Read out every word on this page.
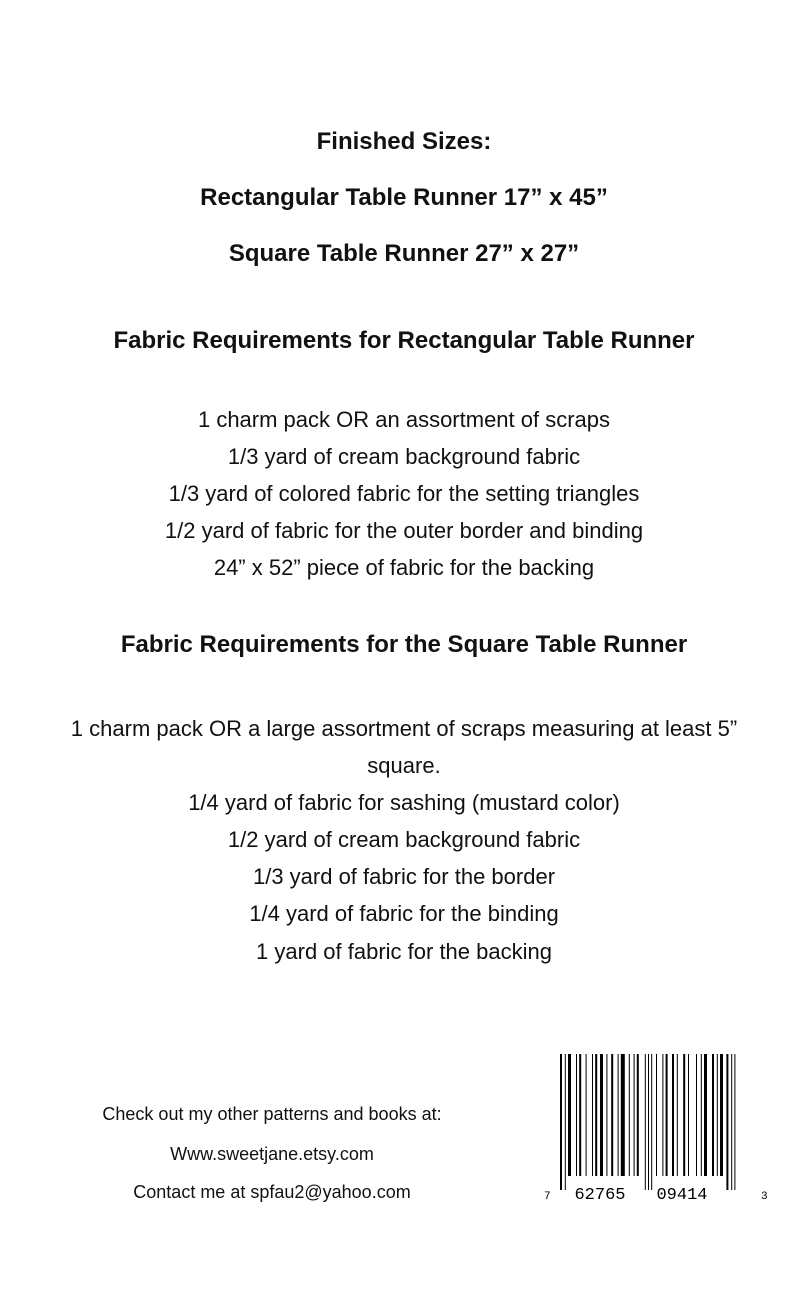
Finished Sizes:
Rectangular Table Runner 17” x 45”
Square Table Runner 27” x 27”
Fabric Requirements for Rectangular Table Runner
1 charm pack OR an assortment of scraps
1/3 yard of cream background fabric
1/3 yard of colored fabric for the setting triangles
1/2 yard of fabric for the outer border and binding
24” x 52” piece of fabric for the backing
Fabric Requirements for the Square Table Runner
1 charm pack OR a large assortment of scraps measuring at least 5”
square.
1/4 yard of fabric for sashing (mustard color)
1/2 yard of cream background fabric
1/3 yard of fabric for the border
1/4 yard of fabric for the binding
1 yard of fabric for the backing
Check out my other patterns and books at:
Www.sweetjane.etsy.com
Contact me at spfau2@yahoo.com	7 62765 09414	3
